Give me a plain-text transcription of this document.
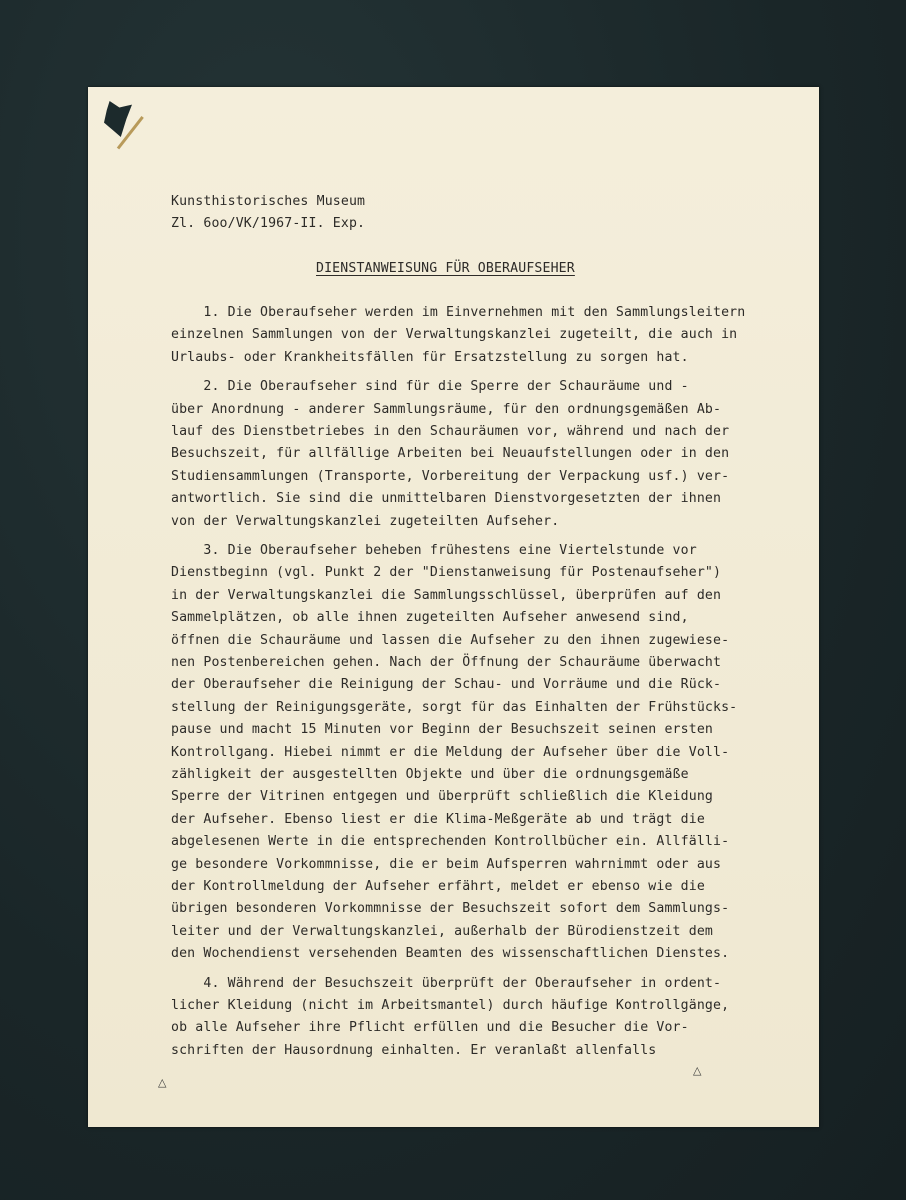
Kunsthistorisches Museum
Zl. 6oo/VK/1967-II. Exp.
DIENSTANWEISUNG FÜR OBERAUFSEHER
1. Die Oberaufseher werden im Einvernehmen mit den Sammlungsleitern
einzelnen Sammlungen von der Verwaltungskanzlei zugeteilt, die auch in
Urlaubs- oder Krankheitsfällen für Ersatzstellung zu sorgen hat.
2. Die Oberaufseher sind für die Sperre der Schauräume und -
über Anordnung - anderer Sammlungsräume, für den ordnungsgemäßen Ab-
lauf des Dienstbetriebes in den Schauräumen vor, während und nach der
Besuchszeit, für allfällige Arbeiten bei Neuaufstellungen oder in den
Studiensammlungen (Transporte, Vorbereitung der Verpackung usf.) ver-
antwortlich. Sie sind die unmittelbaren Dienstvorgesetzten der ihnen
von der Verwaltungskanzlei zugeteilten Aufseher.
3. Die Oberaufseher beheben frühestens eine Viertelstunde vor
Dienstbeginn (vgl. Punkt 2 der "Dienstanweisung für Postenaufseher")
in der Verwaltungskanzlei die Sammlungsschlüssel, überprüfen auf den
Sammelplätzen, ob alle ihnen zugeteilten Aufseher anwesend sind,
öffnen die Schauräume und lassen die Aufseher zu den ihnen zugewiese-
nen Postenbereichen gehen. Nach der Öffnung der Schauräume überwacht
der Oberaufseher die Reinigung der Schau- und Vorräume und die Rück-
stellung der Reinigungsgeräte, sorgt für das Einhalten der Frühstücks-
pause und macht 15 Minuten vor Beginn der Besuchszeit seinen ersten
Kontrollgang. Hiebei nimmt er die Meldung der Aufseher über die Voll-
zähligkeit der ausgestellten Objekte und über die ordnungsgemäße
Sperre der Vitrinen entgegen und überprüft schließlich die Kleidung
der Aufseher. Ebenso liest er die Klima-Meßgeräte ab und trägt die
abgelesenen Werte in die entsprechenden Kontrollbücher ein. Allfälli-
ge besondere Vorkommnisse, die er beim Aufsperren wahrnimmt oder aus
der Kontrollmeldung der Aufseher erfährt, meldet er ebenso wie die
übrigen besonderen Vorkommnisse der Besuchszeit sofort dem Sammlungs-
leiter und der Verwaltungskanzlei, außerhalb der Bürodienstzeit dem
den Wochendienst versehenden Beamten des wissenschaftlichen Dienstes.
4. Während der Besuchszeit überprüft der Oberaufseher in ordent-
licher Kleidung (nicht im Arbeitsmantel) durch häufige Kontrollgänge,
ob alle Aufseher ihre Pflicht erfüllen und die Besucher die Vor-
schriften der Hausordnung einhalten. Er veranlaßt allenfalls
△
△
